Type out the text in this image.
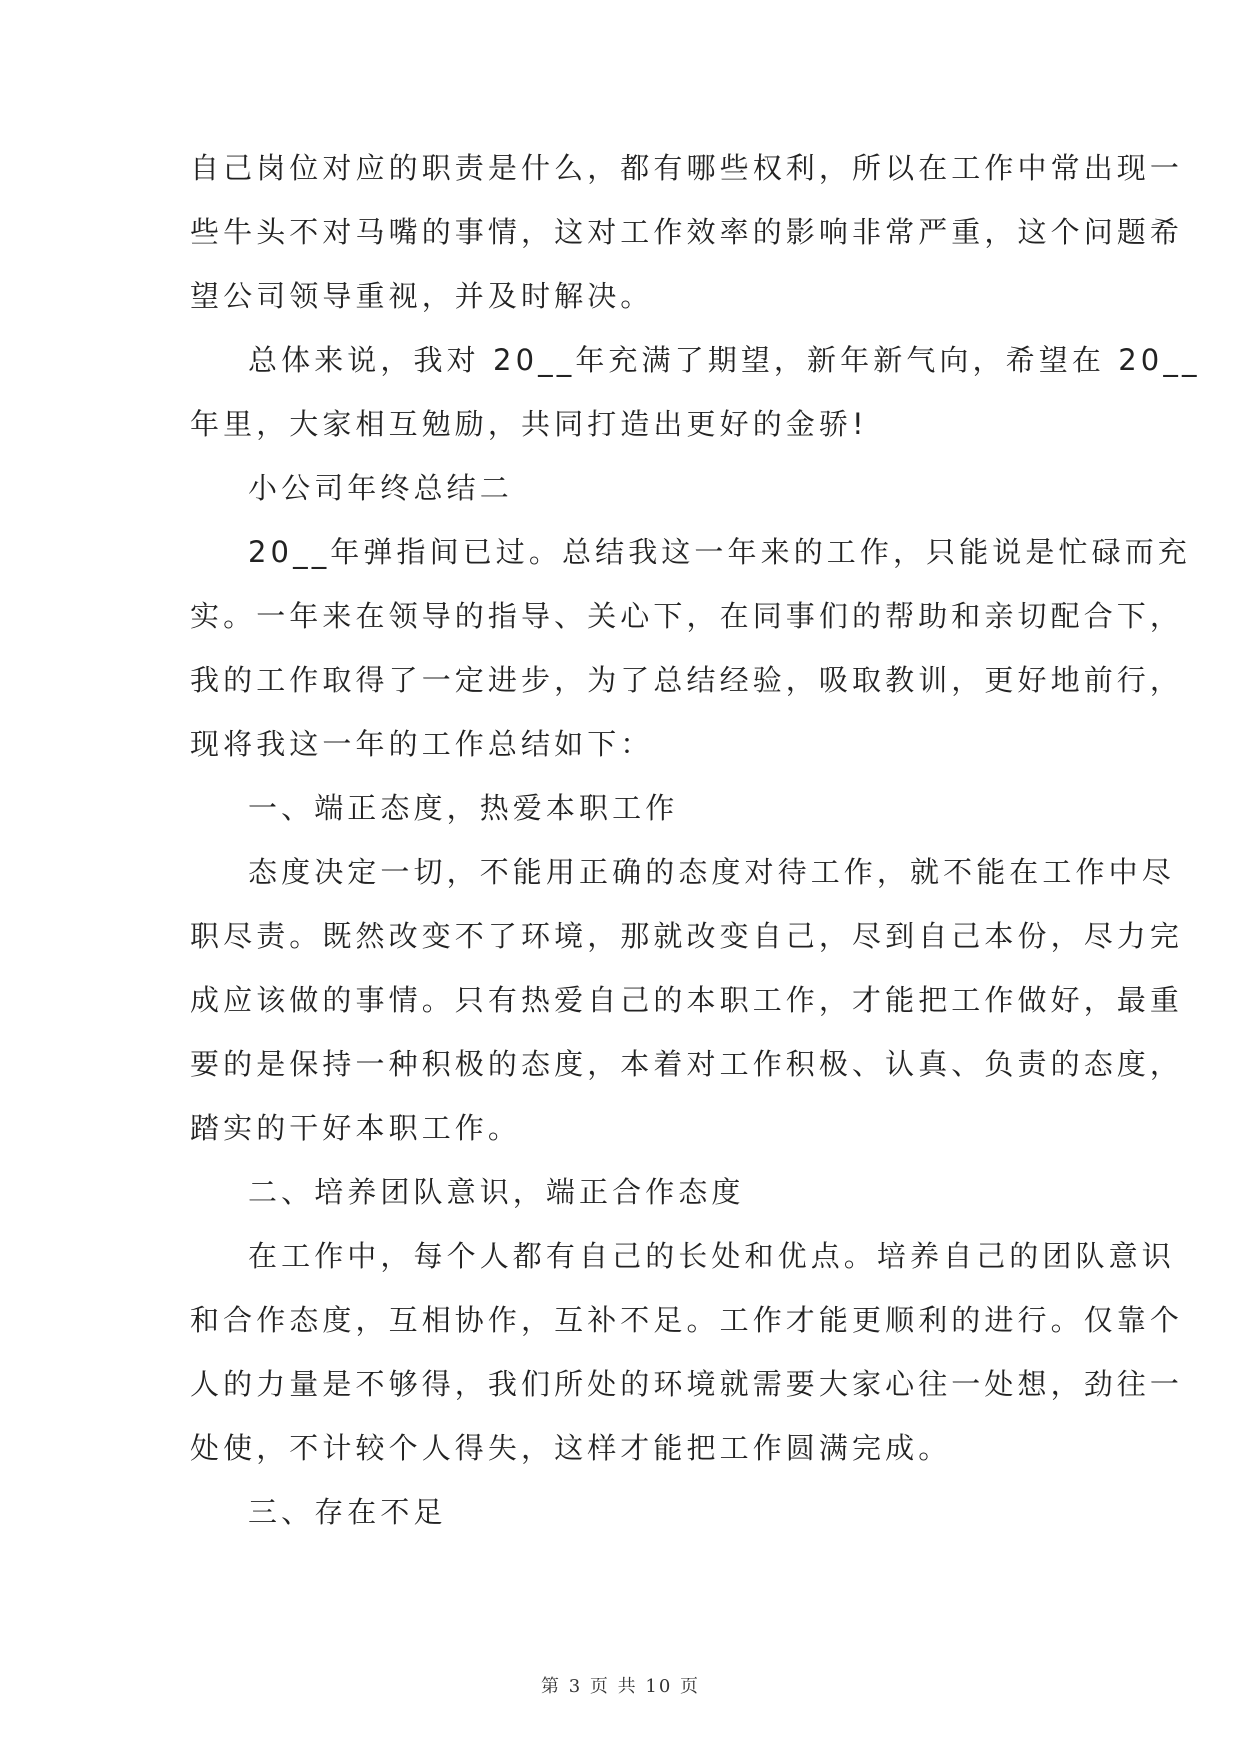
自己岗位对应的职责是什么，都有哪些权利，所以在工作中常出现一
些牛头不对马嘴的事情，这对工作效率的影响非常严重，这个问题希
望公司领导重视，并及时解决。
总体来说，我对 20__年充满了期望，新年新气向，希望在 20__
年里，大家相互勉励，共同打造出更好的金骄!
小公司年终总结二
20__年弹指间已过。总结我这一年来的工作，只能说是忙碌而充
实。一年来在领导的指导、关心下，在同事们的帮助和亲切配合下，
我的工作取得了一定进步，为了总结经验，吸取教训，更好地前行，
现将我这一年的工作总结如下：
一、端正态度，热爱本职工作
态度决定一切，不能用正确的态度对待工作，就不能在工作中尽
职尽责。既然改变不了环境，那就改变自己，尽到自己本份，尽力完
成应该做的事情。只有热爱自己的本职工作，才能把工作做好，最重
要的是保持一种积极的态度，本着对工作积极、认真、负责的态度，
踏实的干好本职工作。
二、培养团队意识，端正合作态度
在工作中，每个人都有自己的长处和优点。培养自己的团队意识
和合作态度，互相协作，互补不足。工作才能更顺利的进行。仅靠个
人的力量是不够得，我们所处的环境就需要大家心往一处想，劲往一
处使，不计较个人得失，这样才能把工作圆满完成。
三、存在不足
第 3 页 共 10 页
